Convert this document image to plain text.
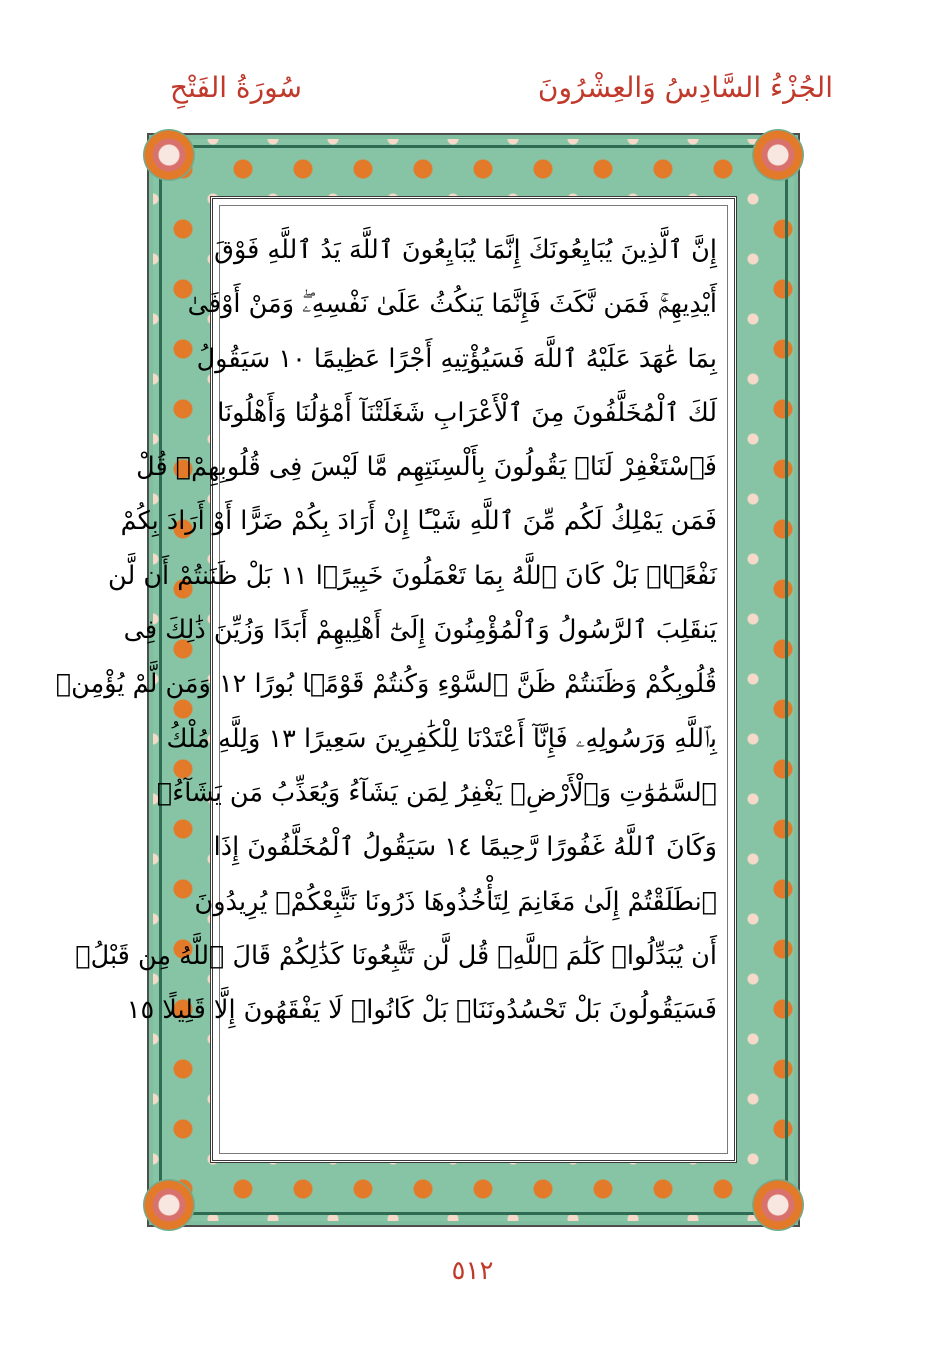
الجُزْءُ السَّادِسُ وَالعِشْرُونَ
سُورَةُ الفَتْحِ
إِنَّ ٱلَّذِينَ يُبَايِعُونَكَ إِنَّمَا يُبَايِعُونَ ٱللَّهَ يَدُ ٱللَّهِ فَوْقَ
أَيْدِيهِمْۚ فَمَن نَّكَثَ فَإِنَّمَا يَنكُثُ عَلَىٰ نَفْسِهِۦۖ وَمَنْ أَوْفَىٰ
بِمَا عَٰهَدَ عَلَيْهُ ٱللَّهَ فَسَيُؤْتِيهِ أَجْرًا عَظِيمًا ١٠ سَيَقُولُ
لَكَ ٱلْمُخَلَّفُونَ مِنَ ٱلْأَعْرَابِ شَغَلَتْنَآ أَمْوَٰلُنَا وَأَهْلُونَا
فَٱسْتَغْفِرْ لَنَاۚ يَقُولُونَ بِأَلْسِنَتِهِم مَّا لَيْسَ فِى قُلُوبِهِمْۚ قُلْ
فَمَن يَمْلِكُ لَكُم مِّنَ ٱللَّهِ شَيْـًٔا إِنْ أَرَادَ بِكُمْ ضَرًّا أَوْ أَرَادَ بِكُمْ
نَفْعًۢاۚ بَلْ كَانَ ٱللَّهُ بِمَا تَعْمَلُونَ خَبِيرًۢا ١١ بَلْ ظَنَنتُمْ أَن لَّن
يَنقَلِبَ ٱلرَّسُولُ وَٱلْمُؤْمِنُونَ إِلَىٰٓ أَهْلِيهِمْ أَبَدًا وَزُيِّنَ ذَٰلِكَ فِى
قُلُوبِكُمْ وَظَنَنتُمْ ظَنَّ ٱلسَّوْءِ وَكُنتُمْ قَوْمًۢا بُورًا ١٢ وَمَن لَّمْ يُؤْمِنۢ
بِٱللَّهِ وَرَسُولِهِۦ فَإِنَّآ أَعْتَدْنَا لِلْكَٰفِرِينَ سَعِيرًا ١٣ وَلِلَّهِ مُلْكُ
ٱلسَّمَٰوَٰتِ وَٱلْأَرْضِۚ يَغْفِرُ لِمَن يَشَآءُ وَيُعَذِّبُ مَن يَشَآءُۚ
وَكَانَ ٱللَّهُ غَفُورًا رَّحِيمًا ١٤ سَيَقُولُ ٱلْمُخَلَّفُونَ إِذَا
ٱنطَلَقْتُمْ إِلَىٰ مَغَانِمَ لِتَأْخُذُوهَا ذَرُونَا نَتَّبِعْكُمْۖ يُرِيدُونَ
أَن يُبَدِّلُوا۟ كَلَٰمَ ٱللَّهِۚ قُل لَّن تَتَّبِعُونَا كَذَٰلِكُمْ قَالَ ٱللَّهُ مِن قَبْلُۖ
فَسَيَقُولُونَ بَلْ تَحْسُدُونَنَاۚ بَلْ كَانُوا۟ لَا يَفْقَهُونَ إِلَّا قَلِيلًا ١٥
٥١٢
